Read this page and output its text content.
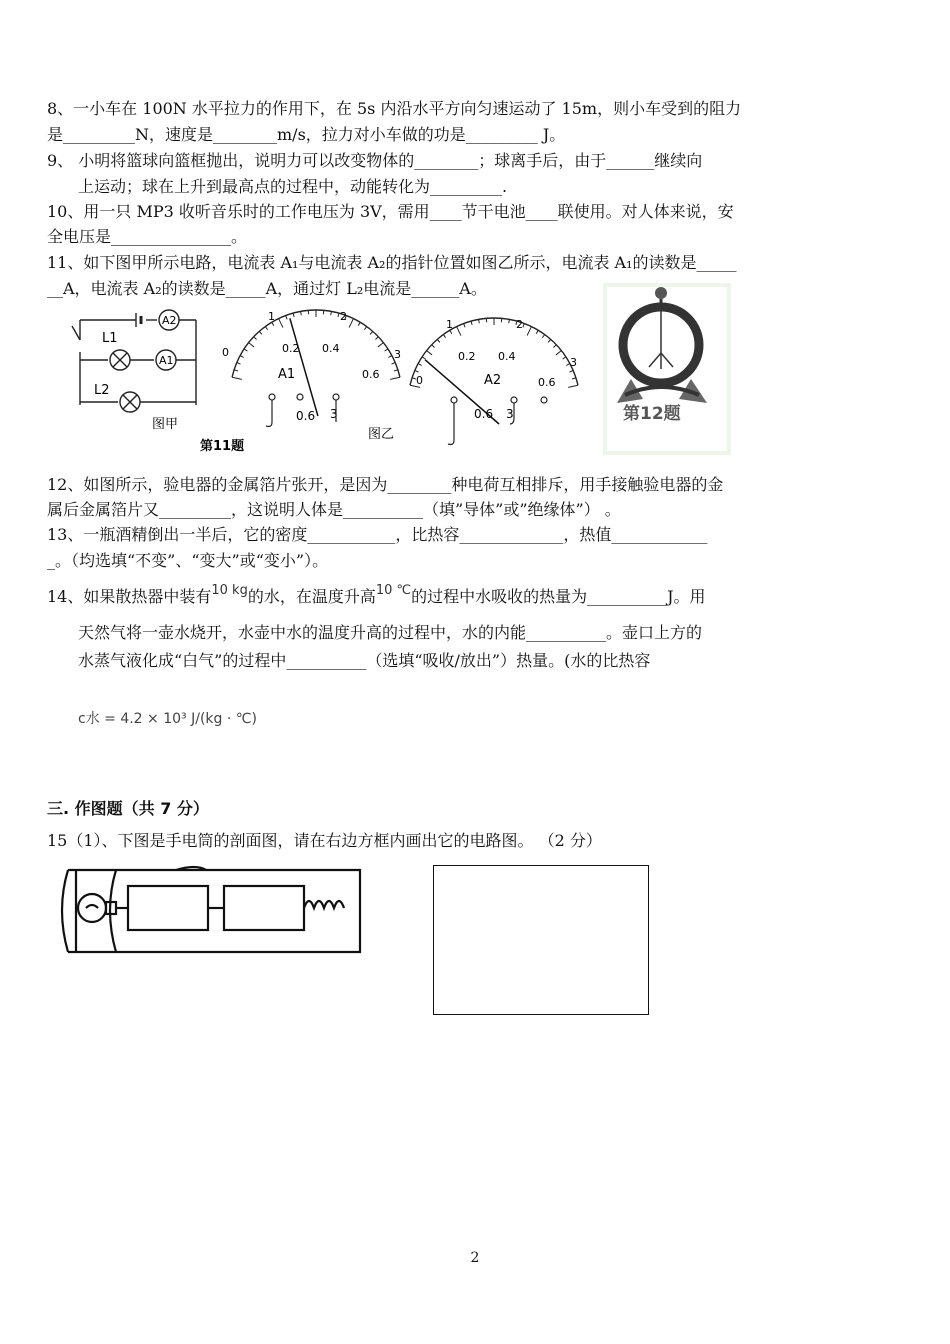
8、一小车在 100N 水平拉力的作用下，在 5s 内沿水平方向匀速运动了 15m，则小车受到的阻力
是_________N，速度是________m/s，拉力对小车做的功是_________ J。
9、 小明将篮球向篮框抛出，说明力可以改变物体的________；球离手后，由于______继续向
上运动；球在上升到最高点的过程中，动能转化为_________.
10、用一只 MP3 收听音乐时的工作电压为 3V，需用____节干电池____联使用。对人体来说，安
全电压是_______________。
11、如下图甲所示电路，电流表 A₁与电流表 A₂的指针位置如图乙所示，电流表 A₁的读数是_____
__A，电流表 A₂的读数是_____A，通过灯 L₂电流是______A。
A2
A1
L1
L2
图甲
第11题
A1
0	0.2 0.4
0.6
1	2
3
0.6 3
图乙
A2
0
0.2 0.4
0.6
1	2
3
0.6 3	第12题
12、如图所示，验电器的金属箔片张开，是因为________种电荷互相排斥，用手接触验电器的金
属后金属箔片又_________，这说明人体是__________（填”导体”或”绝缘体”） 。
13、一瓶酒精倒出一半后，它的密度___________，比热容_____________，热值____________
_。（均选填“不变”、“变大”或“变小”）。
14、如果散热器中装有$^{10 kg}$的水，在温度升高$^{10 ℃}$的过程中水吸收的热量为__________J。用
天然气将一壶水烧开，水壶中水的温度升高的过程中，水的内能__________。壶口上方的
水蒸气液化成“白气”的过程中__________（选填“吸收/放出”）热量。(水的比热容
c水 = 4.2 × 10³ J/(kg · ℃)
三. 作图题（共 7 分）
15（1）、下图是手电筒的剖面图，请在右边方框内画出它的电路图。 （2 分）
2
